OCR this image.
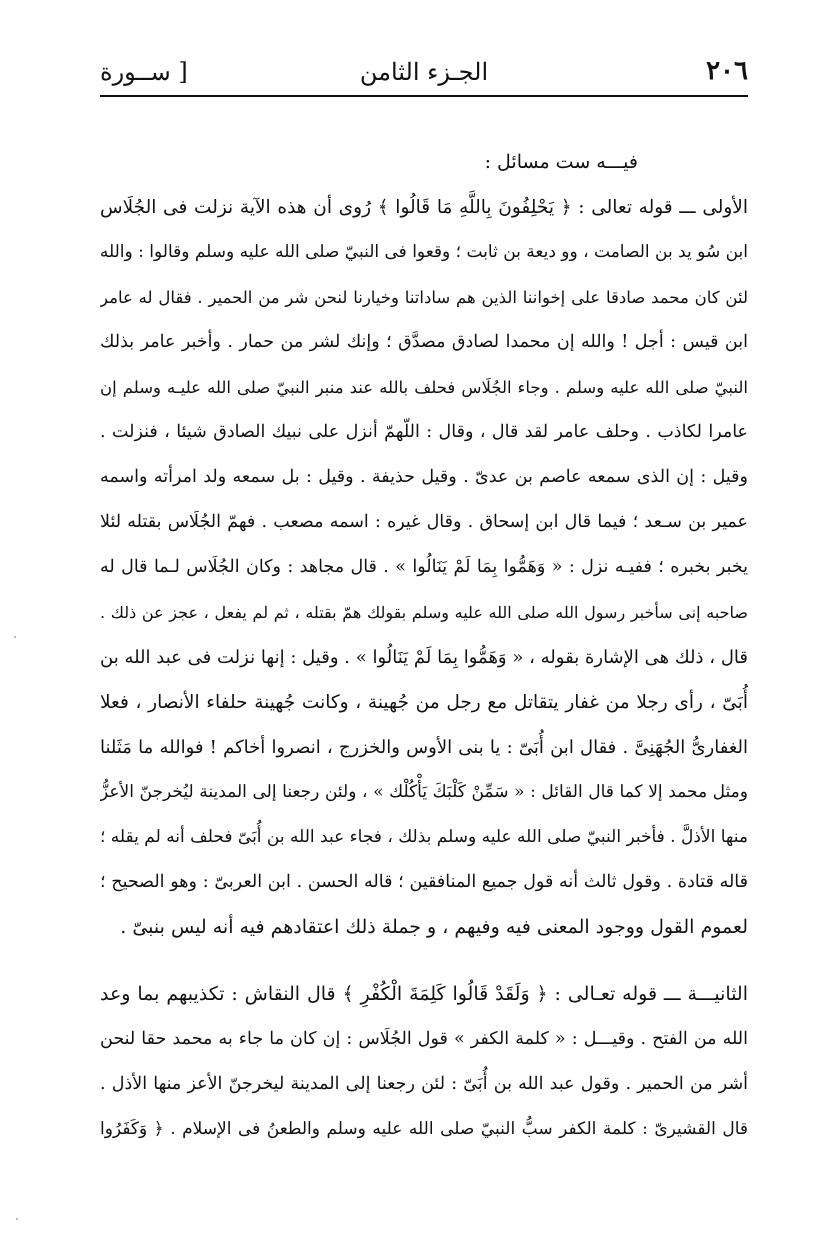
٢٠٦
الجـزء الثامن
[ ســورة
فيـــه ست مسائل :
الأولى ـــ قوله تعالى : ﴿ يَحْلِفُونَ بِاللَّهِ مَا قَالُوا ﴾ رُوى أن هذه الآية نزلت فى الجُلَاس
ابن سُو يد بن الصامت ، وو ديعة بن ثابت ؛ وقعوا فى النبيّ صلى الله عليه وسلم وقالوا : والله
لئن كان محمد صادقا على إخواننا الذين هم ساداتنا وخيارنا لنحن شر من الحمير . فقال له عامر
ابن قيس : أجل ! والله إن محمدا لصادق مصدَّق ؛ وإنك لشر من حمار . وأخبر عامر بذلك
النبيّ صلى الله عليه وسلم . وجاء الجُلَاس فحلف بالله عند منبر النبيّ صلى الله عليـه وسلم إن
عامرا لكاذب . وحلف عامر لقد قال ، وقال : اللّهمّ أنزل على نبيك الصادق شيئا ، فنزلت .
وقيل : إن الذى سمعه عاصم بن عدىّ . وقيل حذيفة . وقيل : بل سمعه ولد امرأته واسمه
عمير بن سـعد ؛ فيما قال ابن إسحاق . وقال غيره : اسمه مصعب . فهمّ الجُلَاس بقتله لئلا
يخبر بخبره ؛ ففيـه نزل : « وَهَمُّوا بِمَا لَمْ يَنَالُوا » . قال مجاهد : وكان الجُلَاس لـما قال له
صاحبه إنى سأخبر رسول الله صلى الله عليه وسلم بقولك همّ بقتله ، ثم لم يفعل ، عجز عن ذلك .
قال ، ذلك هى الإشارة بقوله ، « وَهَمُّوا بِمَا لَمْ يَنَالُوا » . وقيل : إنها نزلت فى عبد الله بن
أُبَىّ ، رأى رجلا من غفار يتقاتل مع رجل من جُهينة ، وكانت جُهينة حلفاء الأنصار ، فعلا
الغفارىُّ الجُهَنِىَّ . فقال ابن أُبَىّ : يا بنى الأوس والخزرج ، انصروا أخاكم ! فوالله ما مَثَلنا
ومثل محمد إلا كما قال القائل : « سَمِّنْ كَلْبَكَ يَأْكُلْك » ، ولئن رجعنا إلى المدينة ليُخرجنّ الأعزُّ
منها الأذلَّ . فأخبر النبيّ صلى الله عليه وسلم بذلك ، فجاء عبد الله بن أُبَىّ فحلف أنه لم يقله ؛
قاله قتادة . وقول ثالث أنه قول جميع المنافقين ؛ قاله الحسن . ابن العربىّ : وهو الصحيح ؛
لعموم القول ووجود المعنى فيه وفيهم ، و جملة ذلك اعتقادهم فيه أنه ليس بنبىّ .
الثانيـــة ـــ قوله تعـالى : ﴿ وَلَقَدْ قَالُوا كَلِمَةَ الْكُفْرِ ﴾ قال النقاش : تكذيبهم بما وعد
الله من الفتح . وقيـــل : « كلمة الكفر » قول الجُلَاس : إن كان ما جاء به محمد حقا لنحن
أشر من الحمير . وقول عبد الله بن أُبَىّ : لئن رجعنا إلى المدينة ليخرجنّ الأعز منها الأذل .
قال القشيرىّ : كلمة الكفر سبُّ النبيّ صلى الله عليه وسلم والطعنُ فى الإسلام . ﴿ وَكَفَرُوا
